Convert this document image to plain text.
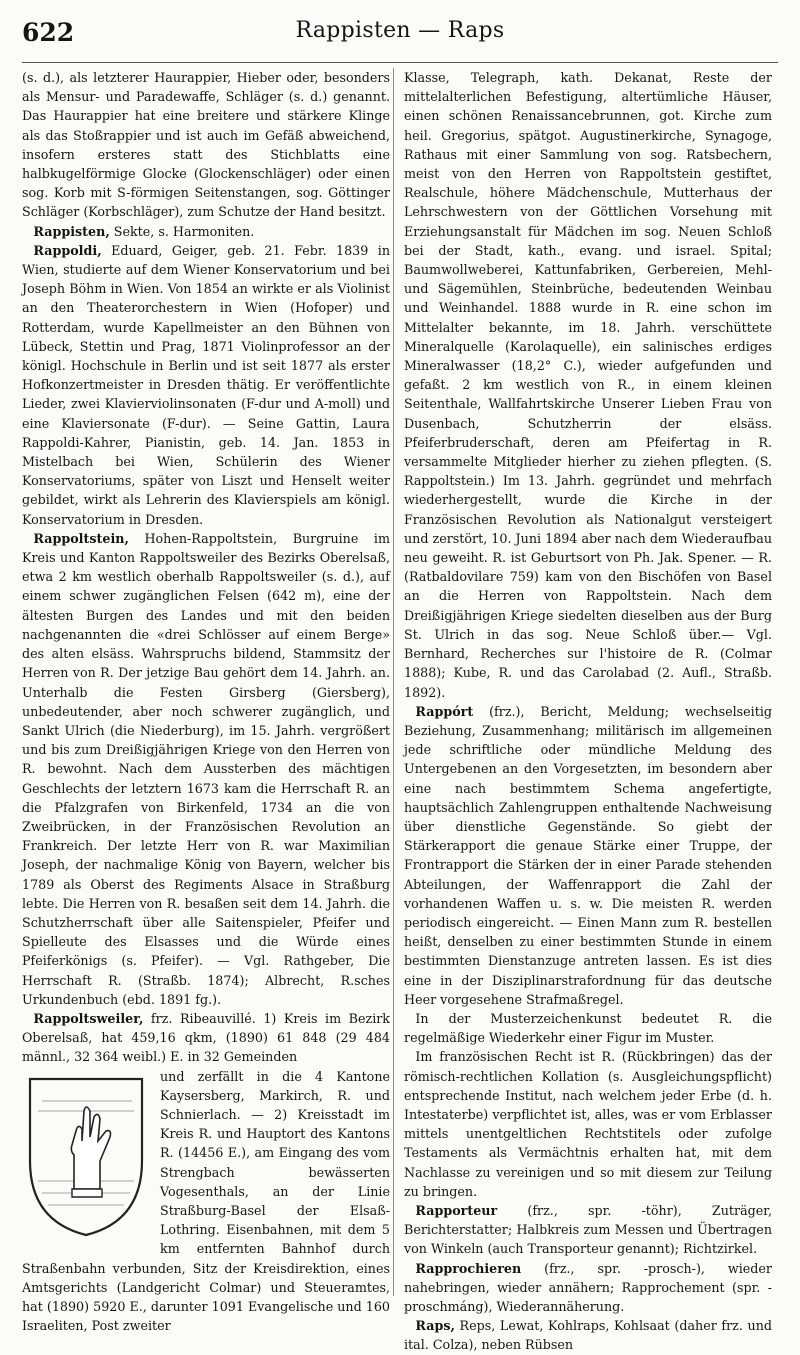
622	Rappisten — Raps

(s. d.), als letzterer Haurappier, Hieber oder, besonders als Mensur- und Paradewaffe, Schläger (s. d.) genannt. Das Haurappier hat eine breitere und stärkere Klinge als das Stoßrappier und ist auch im Gefäß abweichend, insofern ersteres statt des Stichblatts eine halbkugelförmige Glocke (Glockenschläger) oder einen sog. Korb mit S-förmigen Seitenstangen, sog. Göttinger Schläger (Korbschläger), zum Schutze der Hand besitzt.

Rappisten, Sekte, s. Harmoniten.

Rappoldi, Eduard, Geiger, geb. 21. Febr. 1839 in Wien, studierte auf dem Wiener Konservatorium und bei Joseph Böhm in Wien. Von 1854 an wirkte er als Violinist an den Theaterorchestern in Wien (Hofoper) und Rotterdam, wurde Kapellmeister an den Bühnen von Lübeck, Stettin und Prag, 1871 Violinprofessor an der königl. Hochschule in Berlin und ist seit 1877 als erster Hofkonzertmeister in Dresden thätig. Er veröffentlichte Lieder, zwei Klavierviolinsonaten (F-dur und A-moll) und eine Klaviersonate (F-dur). — Seine Gattin, Laura Rappoldi-Kahrer, Pianistin, geb. 14. Jan. 1853 in Mistelbach bei Wien, Schülerin des Wiener Konservatoriums, später von Liszt und Henselt weiter gebildet, wirkt als Lehrerin des Klavierspiels am königl. Konservatorium in Dresden.

Rappoltstein, Hohen-Rappoltstein, Burgruine im Kreis und Kanton Rappoltsweiler des Bezirks Oberelsaß, etwa 2 km westlich oberhalb Rappoltsweiler (s. d.), auf einem schwer zugänglichen Felsen (642 m), eine der ältesten Burgen des Landes und mit den beiden nachgenannten die «drei Schlösser auf einem Berge» des alten elsäss. Wahrspruchs bildend, Stammsitz der Herren von R. Der jetzige Bau gehört dem 14. Jahrh. an. Unterhalb die Festen Girsberg (Giersberg), unbedeutender, aber noch schwerer zugänglich, und Sankt Ulrich (die Niederburg), im 15. Jahrh. vergrößert und bis zum Dreißigjährigen Kriege von den Herren von R. bewohnt. Nach dem Aussterben des mächtigen Geschlechts der letztern 1673 kam die Herrschaft R. an die Pfalzgrafen von Birkenfeld, 1734 an die von Zweibrücken, in der Französischen Revolution an Frankreich. Der letzte Herr von R. war Maximilian Joseph, der nachmalige König von Bayern, welcher bis 1789 als Oberst des Regiments Alsace in Straßburg lebte. Die Herren von R. besaßen seit dem 14. Jahrh. die Schutzherrschaft über alle Saitenspieler, Pfeifer und Spielleute des Elsasses und die Würde eines Pfeiferkönigs (s. Pfeifer). — Vgl. Rathgeber, Die Herrschaft R. (Straßb. 1874); Albrecht, R.sches Urkundenbuch (ebd. 1891 fg.).

Rappoltsweiler, frz. Ribeauvillé. 1) Kreis im Bezirk Oberelsaß, hat 459,16 qkm, (1890) 61 848 (29 484 männl., 32 364 weibl.) E. in 32 Gemeinden

und zerfällt in die 4 Kantone Kaysersberg, Markirch, R. und Schnierlach. — 2) Kreisstadt im Kreis R. und Hauptort des Kantons R. (14456 E.), am Eingang des vom Strengbach bewässerten Vogesenthals, an der Linie Straßburg-Basel der Elsaß-Lothring. Eisenbahnen, mit dem 5 km entfernten Bahnhof durch Straßenbahn verbunden, Sitz der Kreisdirektion, eines Amtsgerichts (Landgericht Colmar) und Steueramtes, hat (1890) 5920 E., darunter 1091 Evangelische und 160 Israeliten, Post zweiter

Klasse, Telegraph, kath. Dekanat, Reste der mittelalterlichen Befestigung, altertümliche Häuser, einen schönen Renaissancebrunnen, got. Kirche zum heil. Gregorius, spätgot. Augustinerkirche, Synagoge, Rathaus mit einer Sammlung von sog. Ratsbechern, meist von den Herren von Rappoltstein gestiftet, Realschule, höhere Mädchenschule, Mutterhaus der Lehrschwestern von der Göttlichen Vorsehung mit Erziehungsanstalt für Mädchen im sog. Neuen Schloß bei der Stadt, kath., evang. und israel. Spital; Baumwollweberei, Kattunfabriken, Gerbereien, Mehl- und Sägemühlen, Steinbrüche, bedeutenden Weinbau und Weinhandel. 1888 wurde in R. eine schon im Mittelalter bekannte, im 18. Jahrh. verschüttete Mineralquelle (Karolaquelle), ein salinisches erdiges Mineralwasser (18,2° C.), wieder aufgefunden und gefaßt. 2 km westlich von R., in einem kleinen Seitenthale, Wallfahrtskirche Unserer Lieben Frau von Dusenbach, Schutzherrin der elsäss. Pfeiferbruderschaft, deren am Pfeifertag in R. versammelte Mitglieder hierher zu ziehen pflegten. (S. Rappoltstein.) Im 13. Jahrh. gegründet und mehrfach wiederhergestellt, wurde die Kirche in der Französischen Revolution als Nationalgut versteigert und zerstört, 10. Juni 1894 aber nach dem Wiederaufbau neu geweiht. R. ist Geburtsort von Ph. Jak. Spener. — R. (Ratbaldovilare 759) kam von den Bischöfen von Basel an die Herren von Rappoltstein. Nach dem Dreißigjährigen Kriege siedelten dieselben aus der Burg St. Ulrich in das sog. Neue Schloß über.— Vgl. Bernhard, Recherches sur l'histoire de R. (Colmar 1888); Kube, R. und das Carolabad (2. Aufl., Straßb. 1892).

Rappórt (frz.), Bericht, Meldung; wechselseitig Beziehung, Zusammenhang; militärisch im allgemeinen jede schriftliche oder mündliche Meldung des Untergebenen an den Vorgesetzten, im besondern aber eine nach bestimmtem Schema angefertigte, hauptsächlich Zahlengruppen enthaltende Nachweisung über dienstliche Gegenstände. So giebt der Stärkerapport die genaue Stärke einer Truppe, der Frontrapport die Stärken der in einer Parade stehenden Abteilungen, der Waffenrapport die Zahl der vorhandenen Waffen u. s. w. Die meisten R. werden periodisch eingereicht. — Einen Mann zum R. bestellen heißt, denselben zu einer bestimmten Stunde in einem bestimmten Dienstanzuge antreten lassen. Es ist dies eine in der Disziplinarstrafordnung für das deutsche Heer vorgesehene Strafmaßregel.

In der Musterzeichenkunst bedeutet R. die regelmäßige Wiederkehr einer Figur im Muster.

Im französischen Recht ist R. (Rückbringen) das der römisch-rechtlichen Kollation (s. Ausgleichungspflicht) entsprechende Institut, nach welchem jeder Erbe (d. h. Intestaterbe) verpflichtet ist, alles, was er vom Erblasser mittels unentgeltlichen Rechtstitels oder zufolge Testaments als Vermächtnis erhalten hat, mit dem Nachlasse zu vereinigen und so mit diesem zur Teilung zu bringen.

Rapporteur (frz., spr. -töhr), Zuträger, Berichterstatter; Halbkreis zum Messen und Übertragen von Winkeln (auch Transporteur genannt); Richtzirkel.

Rapprochieren (frz., spr. -prosch-), wieder nahebringen, wieder annähern; Rapprochement (spr. -proschmáng), Wiederannäherung.

Raps, Reps, Lewat, Kohlraps, Kohlsaat (daher frz. und ital. Colza), neben Rübsen
